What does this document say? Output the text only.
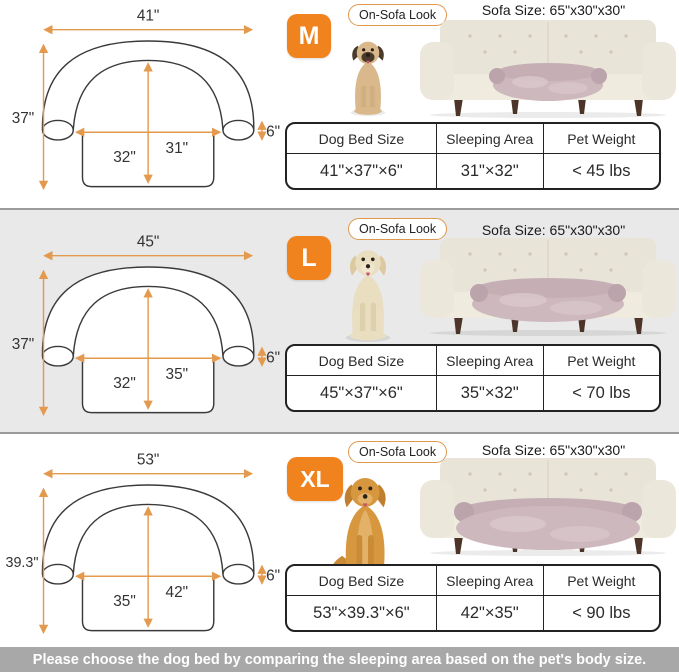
41"
37"
31"
32"
6"
M
On-Sofa Look	Sofa Size: 65"x30"x30"
Dog Bed Size	Sleeping Area	Pet Weight
41"×37"×6"	31"×32"	< 45 lbs
45"
37"
35"
32"
6"
L
On-Sofa Look	Sofa Size: 65"x30"x30"
Dog Bed Size	Sleeping Area	Pet Weight
45"×37"×6"	35"×32"	< 70 lbs
53"
39.3"
42"
35"
6"
XL
On-Sofa Look	Sofa Size: 65"x30"x30"
Dog Bed Size	Sleeping Area	Pet Weight
53"×39.3"×6"	42"×35"	< 90 lbs
Please choose the dog bed by comparing the sleeping area based on the pet's body size.
